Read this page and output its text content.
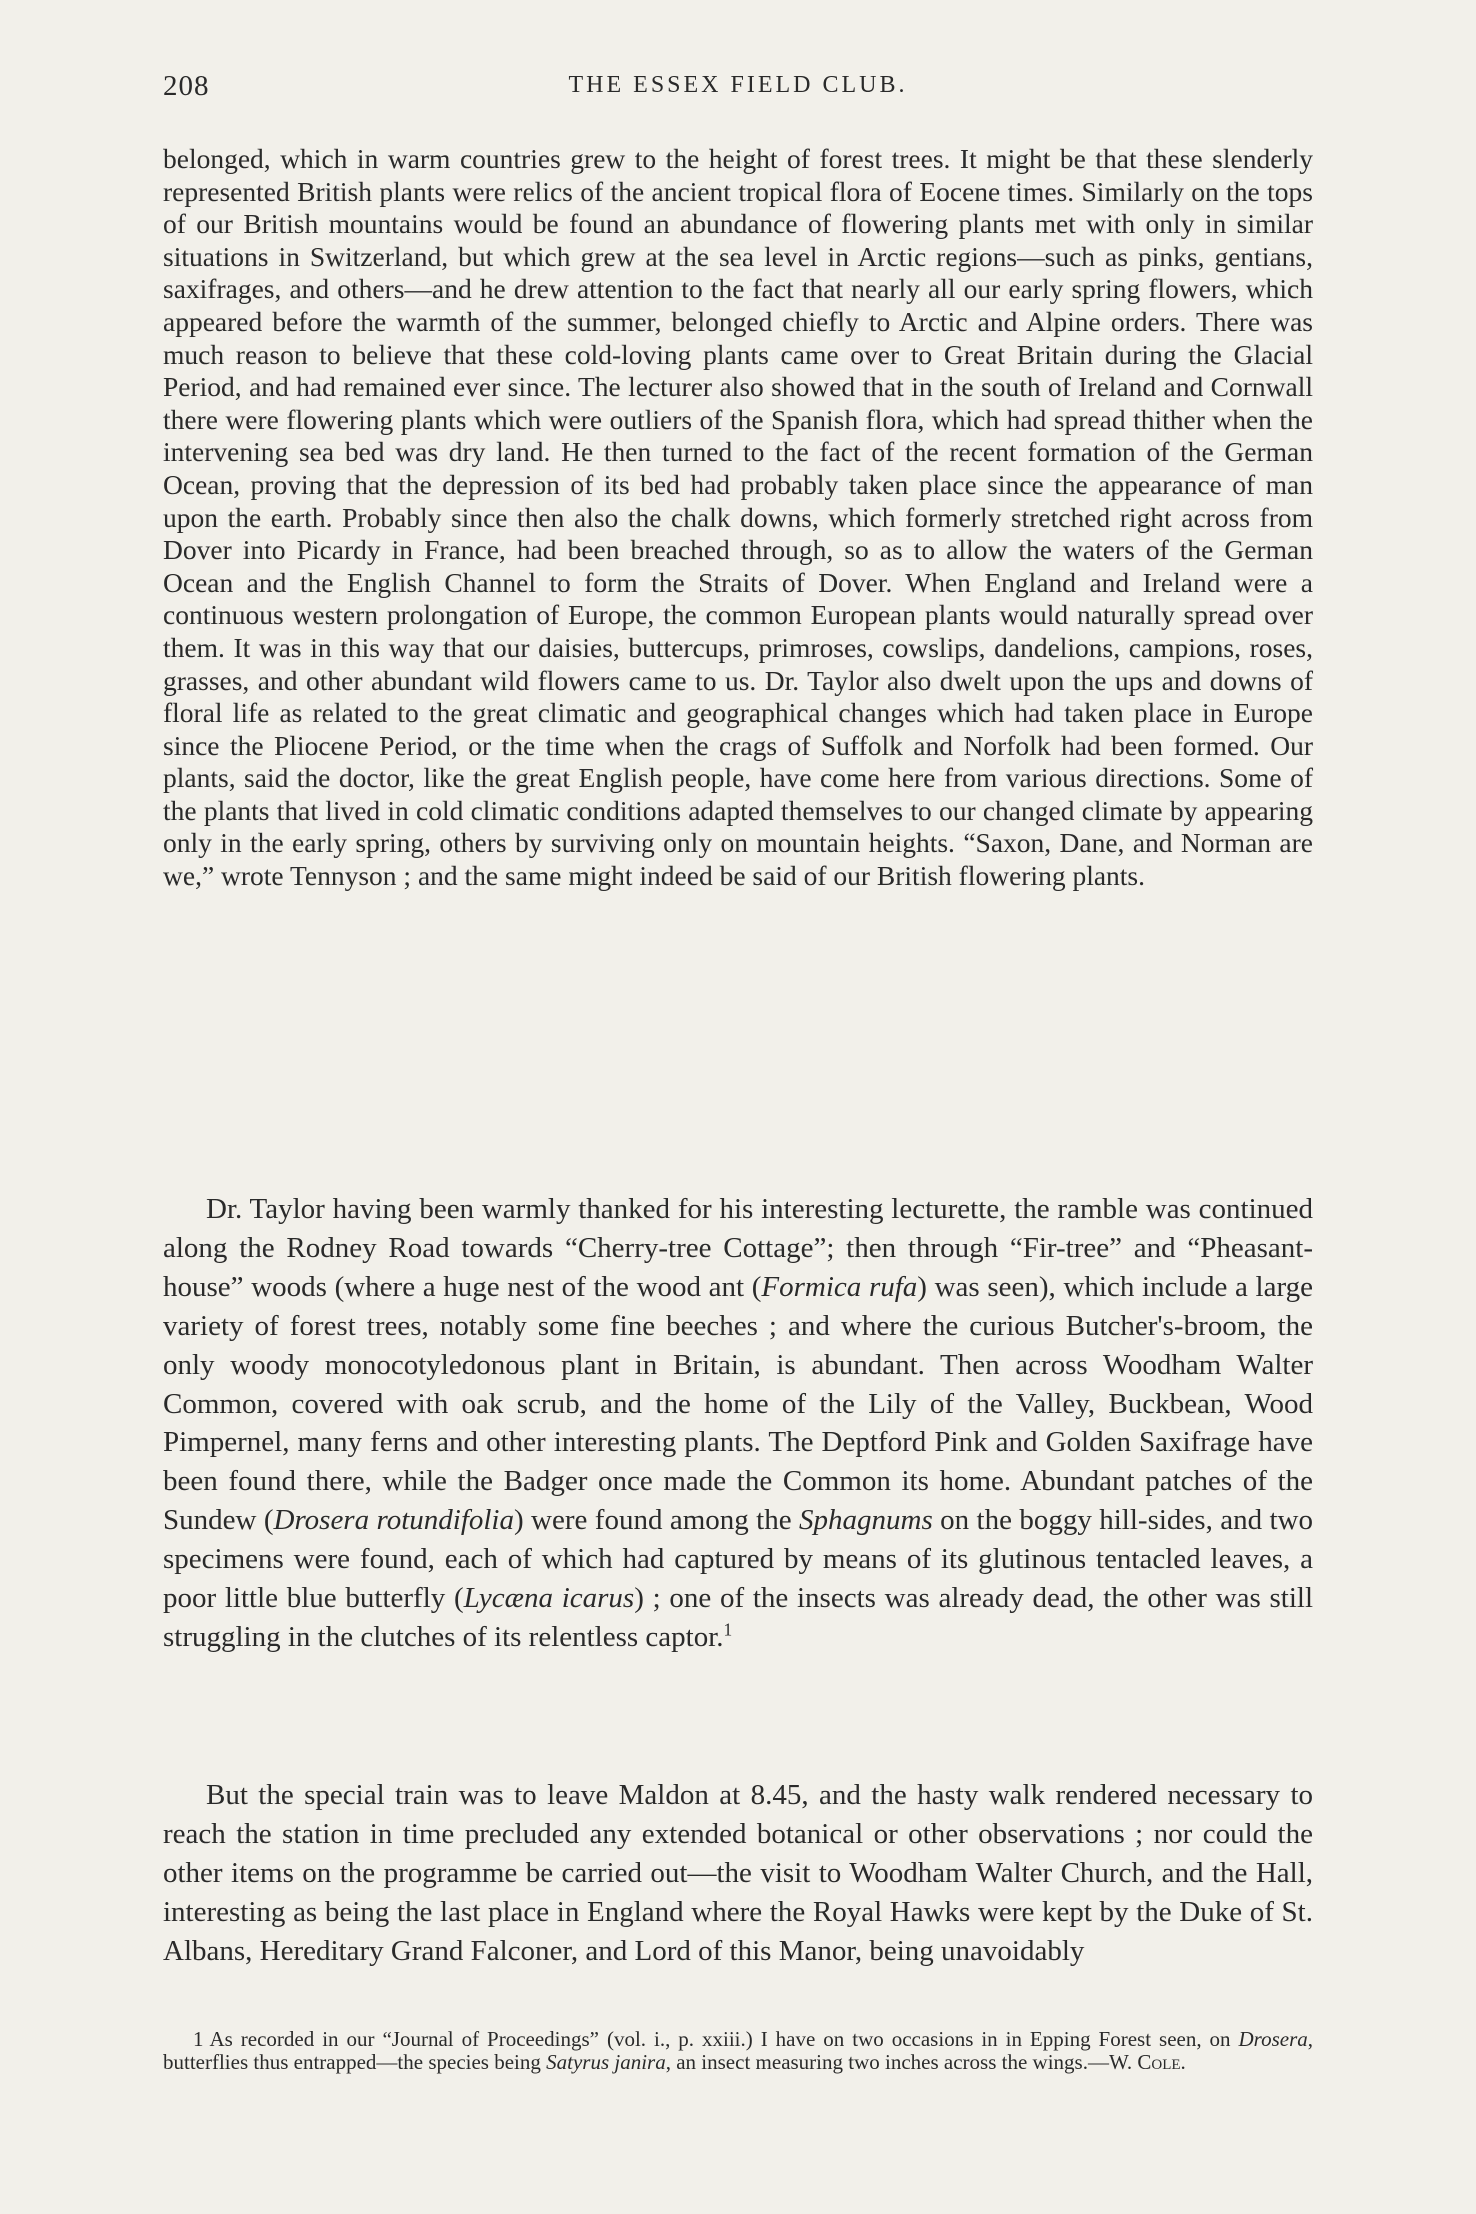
208	THE ESSEX FIELD CLUB.

belonged, which in warm countries grew to the height of forest trees. It might be that these slenderly represented British plants were relics of the ancient tropical flora of Eocene times. Similarly on the tops of our British mountains would be found an abundance of flowering plants met with only in similar situations in Switzerland, but which grew at the sea level in Arctic regions—such as pinks, gentians, saxifrages, and others—and he drew attention to the fact that nearly all our early spring flowers, which appeared before the warmth of the summer, belonged chiefly to Arctic and Alpine orders. There was much reason to believe that these cold-loving plants came over to Great Britain during the Glacial Period, and had remained ever since. The lecturer also showed that in the south of Ireland and Cornwall there were flowering plants which were outliers of the Spanish flora, which had spread thither when the intervening sea bed was dry land. He then turned to the fact of the recent formation of the German Ocean, proving that the depression of its bed had probably taken place since the appearance of man upon the earth. Probably since then also the chalk downs, which formerly stretched right across from Dover into Picardy in France, had been breached through, so as to allow the waters of the German Ocean and the English Channel to form the Straits of Dover. When England and Ireland were a continuous western prolongation of Europe, the common European plants would naturally spread over them. It was in this way that our daisies, buttercups, primroses, cowslips, dandelions, campions, roses, grasses, and other abundant wild flowers came to us. Dr. Taylor also dwelt upon the ups and downs of floral life as related to the great climatic and geographical changes which had taken place in Europe since the Pliocene Period, or the time when the crags of Suffolk and Norfolk had been formed. Our plants, said the doctor, like the great English people, have come here from various directions. Some of the plants that lived in cold climatic conditions adapted themselves to our changed climate by appearing only in the early spring, others by surviving only on mountain heights. “Saxon, Dane, and Norman are we,” wrote Tennyson ; and the same might indeed be said of our British flowering plants.

Dr. Taylor having been warmly thanked for his interesting lecturette, the ramble was continued along the Rodney Road towards “Cherry-tree Cottage”; then through “Fir-tree” and “Pheasant-house” woods (where a huge nest of the wood ant (Formica rufa) was seen), which include a large variety of forest trees, notably some fine beeches ; and where the curious Butcher's-broom, the only woody monocotyledonous plant in Britain, is abundant. Then across Woodham Walter Common, covered with oak scrub, and the home of the Lily of the Valley, Buckbean, Wood Pimpernel, many ferns and other interesting plants. The Deptford Pink and Golden Saxifrage have been found there, while the Badger once made the Common its home. Abundant patches of the Sundew (Drosera rotundifolia) were found among the Sphagnums on the boggy hill-sides, and two specimens were found, each of which had captured by means of its glutinous tentacled leaves, a poor little blue butterfly (Lycæna icarus) ; one of the insects was already dead, the other was still struggling in the clutches of its relentless captor.$^1$

But the special train was to leave Maldon at 8.45, and the hasty walk rendered necessary to reach the station in time precluded any extended botanical or other observations ; nor could the other items on the programme be carried out—the visit to Woodham Walter Church, and the Hall, interesting as being the last place in England where the Royal Hawks were kept by the Duke of St. Albans, Hereditary Grand Falconer, and Lord of this Manor, being unavoidably

1 As recorded in our “Journal of Proceedings” (vol. i., p. xxiii.) I have on two occasions in in Epping Forest seen, on Drosera, butterflies thus entrapped—the species being Satyrus janira, an insect measuring two inches across the wings.—W. Cole.
